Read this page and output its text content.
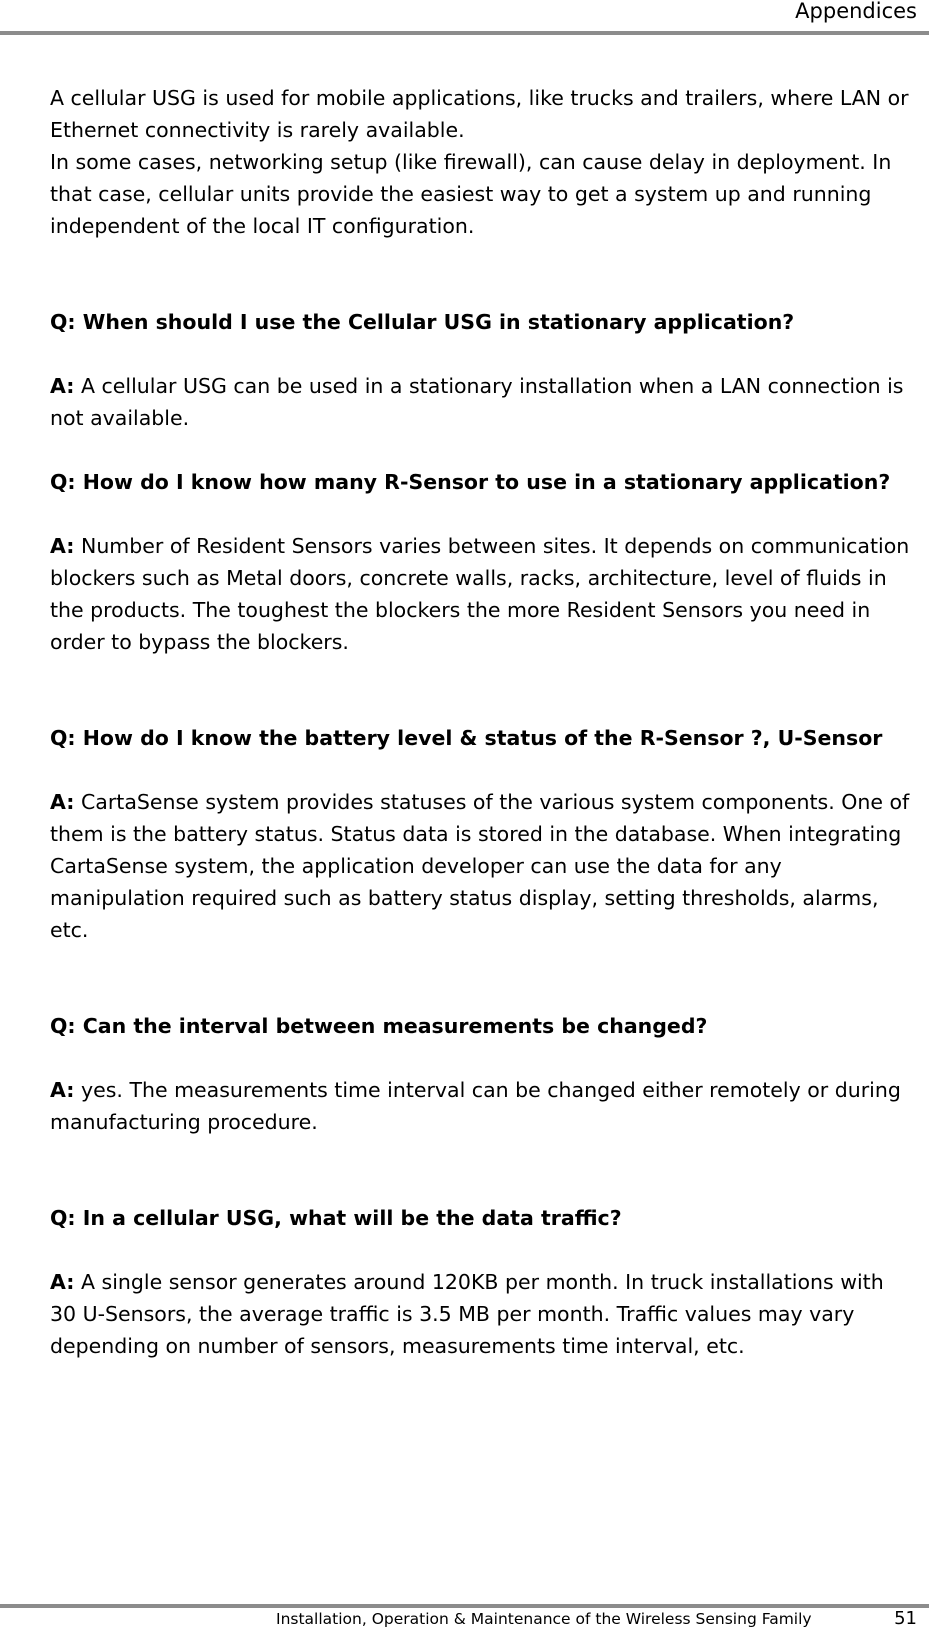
Appendices

A cellular USG is used for mobile applications, like trucks and trailers, where LAN or Ethernet connectivity is rarely available.
In some cases, networking setup (like firewall), can cause delay in deployment. In that case, cellular units provide the easiest way to get a system up and running independent of the local IT configuration.

Q: When should I use the Cellular USG in stationary application?

A: A cellular USG can be used in a stationary installation when a LAN connection is not available.

Q: How do I know how many R-Sensor to use in a stationary application?

A: Number of Resident Sensors varies between sites. It depends on communication blockers such as Metal doors, concrete walls, racks, architecture, level of fluids in the products. The toughest the blockers the more Resident Sensors you need in order to bypass the blockers.

Q: How do I know the battery level & status of the R-Sensor ?, U-Sensor

A: CartaSense system provides statuses of the various system components. One of them is the battery status. Status data is stored in the database. When integrating CartaSense system, the application developer can use the data for any manipulation required such as battery status display, setting thresholds, alarms, etc.

Q: Can the interval between measurements be changed?

A: yes. The measurements time interval can be changed either remotely or during manufacturing procedure.

Q: In a cellular USG, what will be the data traffic?

A: A single sensor generates around 120KB per month. In truck installations with 30 U-Sensors, the average traffic is 3.5 MB per month. Traffic values may vary depending on number of sensors, measurements time interval, etc.

Installation, Operation & Maintenance of the Wireless Sensing Family	51
